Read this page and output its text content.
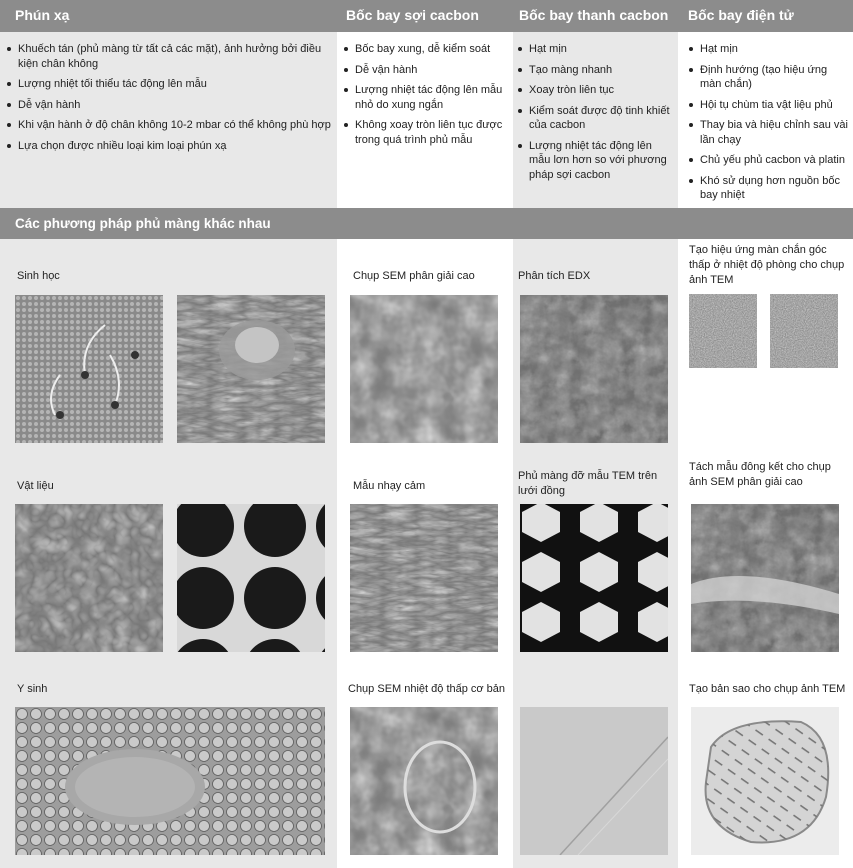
Phún xạ	Bốc bay sợi cacbon	Bốc bay thanh cacbon Bốc bay điện tử
Khuếch tán (phủ màng từ tất cả các mặt), ảnh hưởng bởi điều kiện chân không
Lượng nhiệt tối thiểu tác động lên mẫu
Dễ vận hành
Khi vận hành ở độ chân không 10-2 mbar có thể không phù hợp
Lựa chọn được nhiều loại kim loại phún xạ
Bốc bay xung, dễ kiểm soát
Dễ vận hành
Lượng nhiệt tác động lên mẫu nhỏ do xung ngắn
Không xoay tròn liên tục được trong quá trình phủ mẫu
Hạt mịn
Tạo màng nhanh
Xoay tròn liên tục
Kiểm soát được độ tinh khiết của cacbon
Lượng nhiệt tác động lên mẫu lơn hơn so với phương pháp sợi cacbon
Hạt mịn
Định hướng (tạo hiệu ứng màn chắn)
Hội tụ chùm tia vật liệu phủ
Thay bia và hiệu chỉnh sau vài lần chạy
Chủ yếu phủ cacbon và platin
Khó sử dụng hơn nguồn bốc bay nhiệt
Các phương pháp phủ màng khác nhau
Sinh học
Vật liệu
Y sinh
Chụp SEM phân giải cao
Mẫu nhạy cảm
Chụp SEM nhiệt độ thấp cơ bản
Phân tích EDX
Phủ màng đỡ mẫu TEM trên lưới đồng
Tạo hiệu ứng màn chắn góc thấp ở nhiệt độ phòng cho chụp ảnh TEM
Tách mẫu đông kết cho chụp ảnh SEM phân giải cao
Tạo bản sao cho chụp ảnh TEM
